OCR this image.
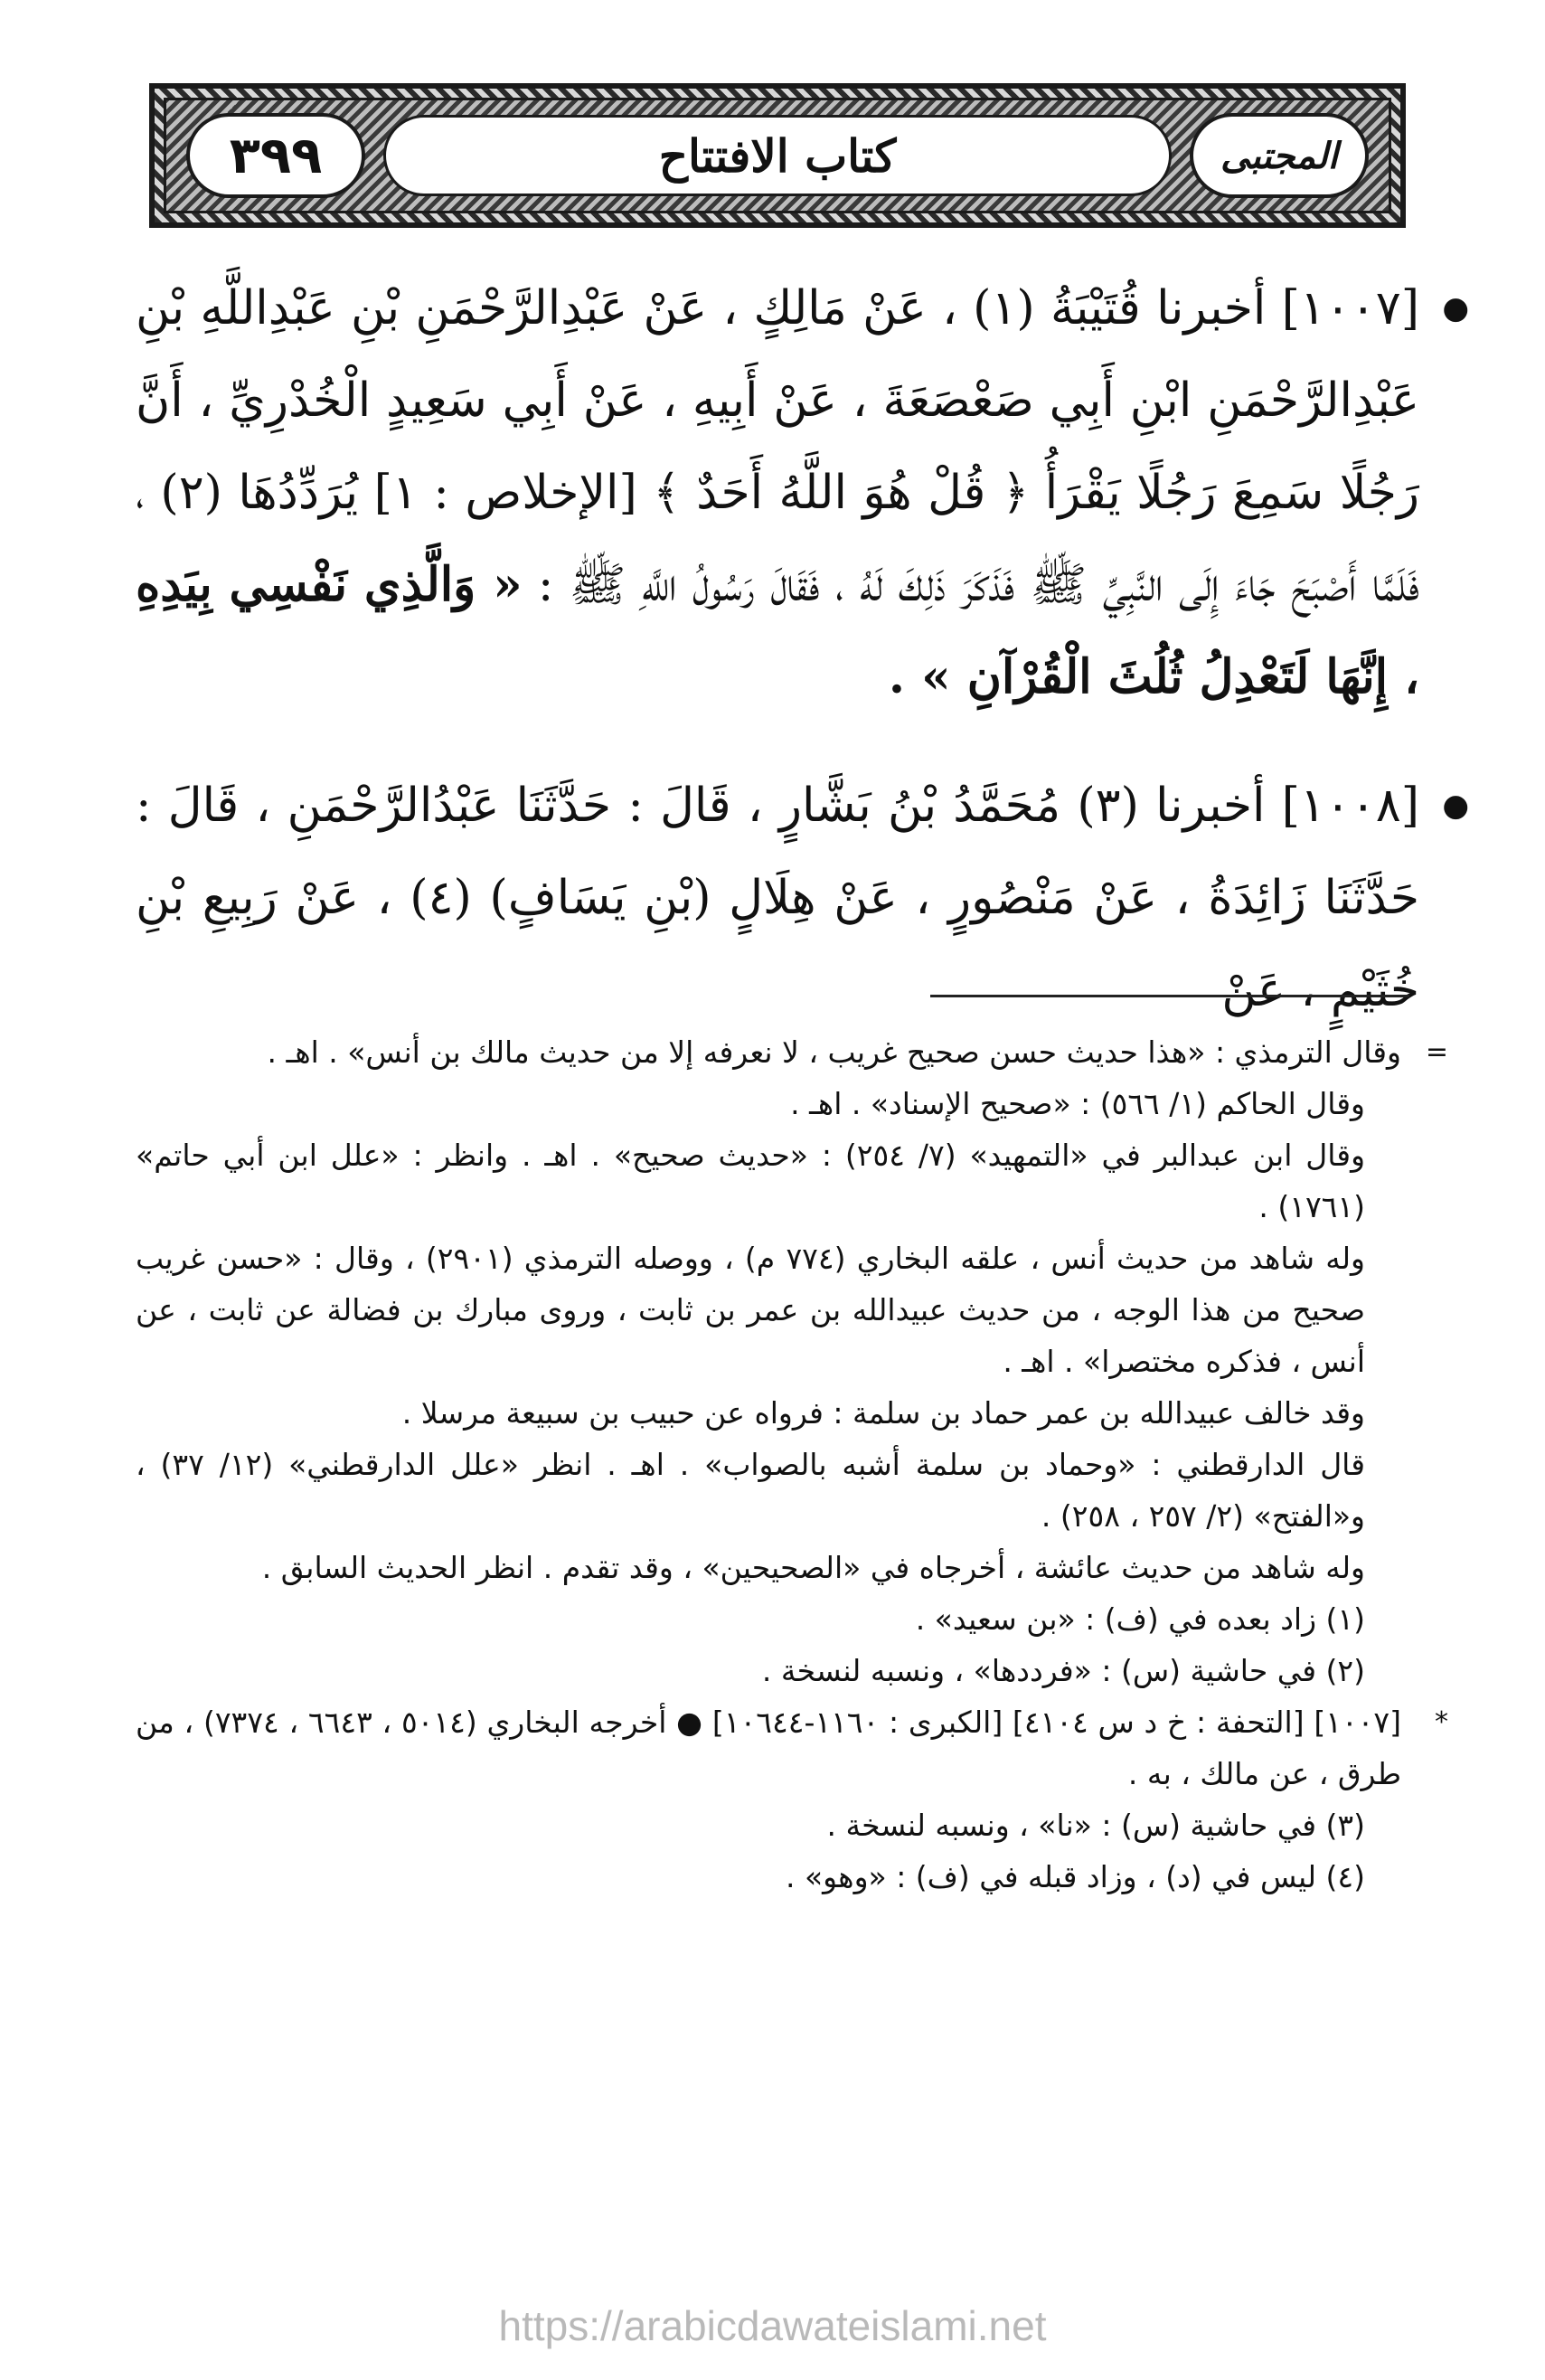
٣٩٩	كتاب الافتتاح	المجتبى
●
[١٠٠٧] أخبرنا قُتَيْبَةُ (١) ، عَنْ مَالِكٍ ، عَنْ عَبْدِالرَّحْمَنِ بْنِ عَبْدِاللَّهِ بْنِ عَبْدِالرَّحْمَنِ ابْنِ أَبِي صَعْصَعَةَ ، عَنْ أَبِيهِ ، عَنْ أَبِي سَعِيدٍ الْخُدْرِيِّ ، أَنَّ رَجُلًا سَمِعَ رَجُلًا يَقْرَأُ ﴿ قُلْ هُوَ اللَّهُ أَحَدٌ ﴾ [الإخلاص : ١] يُرَدِّدُهَا (٢) ، فَلَمَّا أَصْبَحَ جَاءَ إِلَى النَّبِيِّ ﷺ فَذَكَرَ ذَلِكَ لَهُ ، فَقَالَ رَسُولُ اللَّهِ ﷺ : « وَالَّذِي نَفْسِي بِيَدِهِ ، إِنَّهَا لَتَعْدِلُ ثُلُثَ الْقُرْآنِ » .
●
[١٠٠٨] أخبرنا (٣) مُحَمَّدُ بْنُ بَشَّارٍ ، قَالَ : حَدَّثَنَا عَبْدُالرَّحْمَنِ ، قَالَ : حَدَّثَنَا زَائِدَةُ ، عَنْ مَنْصُورٍ ، عَنْ هِلَالٍ (بْنِ يَسَافٍ) (٤) ، عَنْ رَبِيعِ بْنِ خُثَيْمٍ ، عَنْ
=

وقال الترمذي : «هذا حديث حسن صحيح غريب ، لا نعرفه إلا من حديث مالك بن أنس» . اهـ .

وقال الحاكم (١/ ٥٦٦) : «صحيح الإسناد» . اهـ .

وقال ابن عبدالبر في «التمهيد» (٧/ ٢٥٤) : «حديث صحيح» . اهـ . وانظر : «علل ابن أبي حاتم» (١٧٦١) .

وله شاهد من حديث أنس ، علقه البخاري (٧٧٤ م) ، ووصله الترمذي (٢٩٠١) ، وقال : «حسن غريب صحيح من هذا الوجه ، من حديث عبيدالله بن عمر بن ثابت ، وروى مبارك بن فضالة عن ثابت ، عن أنس ، فذكره مختصرا» . اهـ .

وقد خالف عبيدالله بن عمر حماد بن سلمة : فرواه عن حبيب بن سبيعة مرسلا .

قال الدارقطني : «وحماد بن سلمة أشبه بالصواب» . اهـ . انظر «علل الدارقطني» (١٢/ ٣٧) ، و«الفتح» (٢/ ٢٥٧ ، ٢٥٨) .

وله شاهد من حديث عائشة ، أخرجاه في «الصحيحين» ، وقد تقدم . انظر الحديث السابق .

(١) زاد بعده في (ف) : «بن سعيد» .

(٢) في حاشية (س) : «فرددها» ، ونسبه لنسخة .

*

[١٠٠٧] [التحفة : خ د س ٤١٠٤] [الكبرى : ١١٦٠-١٠٦٤٤] ● أخرجه البخاري (٥٠١٤ ، ٦٦٤٣ ، ٧٣٧٤) ، من طرق ، عن مالك ، به .

(٣) في حاشية (س) : «نا» ، ونسبه لنسخة .

(٤) ليس في (د) ، وزاد قبله في (ف) : «وهو» .

https://arabicdawateislami.net
